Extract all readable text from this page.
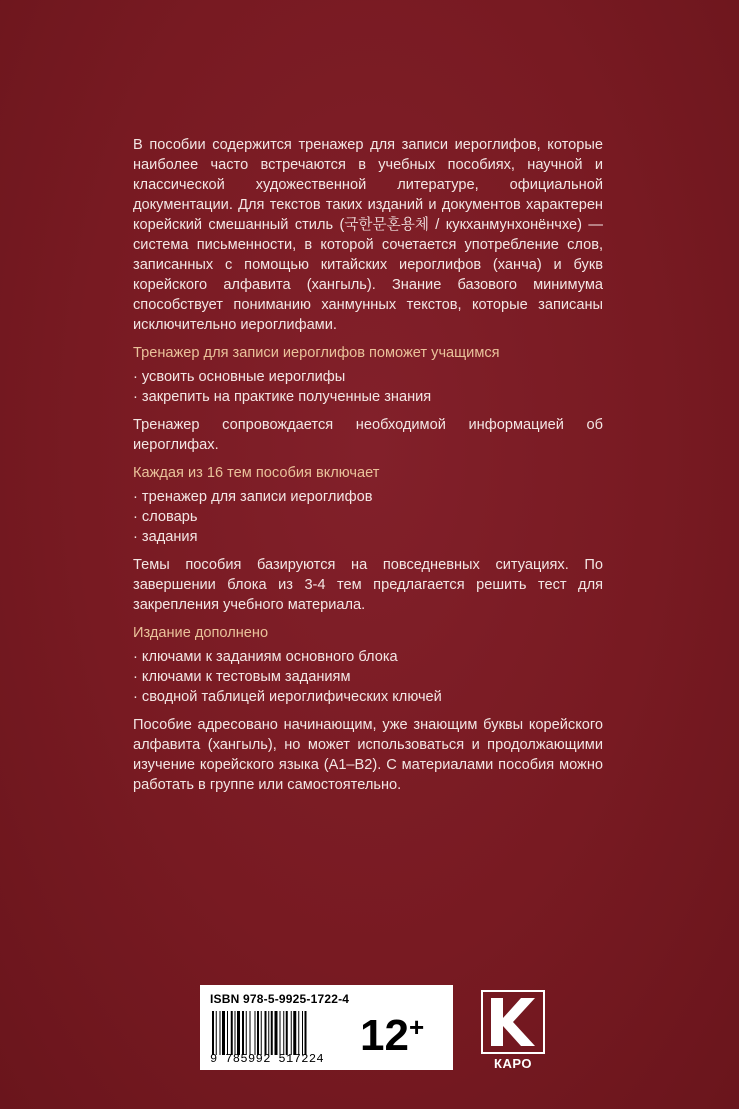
В пособии содержится тренажер для записи иероглифов, которые наиболее часто встречаются в учебных пособиях, научной и классической художественной литературе, официальной документации. Для текстов таких изданий и документов характерен корейский смешанный стиль (국한문혼용체 / кукханмунхонёнчхе) — система письменности, в которой сочетается употребление слов, записанных с помощью китайских иероглифов (ханча) и букв корейского алфавита (хангыль). Знание базового минимума способствует пониманию ханмунных текстов, которые записаны исключительно иероглифами.

Тренажер для записи иероглифов поможет учащимся

· усвоить основные иероглифы
· закрепить на практике полученные знания

Тренажер сопровождается необходимой информацией об иероглифах.

Каждая из 16 тем пособия включает

· тренажер для записи иероглифов
· словарь
· задания

Темы пособия базируются на повседневных ситуациях. По завершении блока из 3-4 тем предлагается решить тест для закрепления учебного материала.

Издание дополнено

· ключами к заданиям основного блока
· ключами к тестовым заданиям
· сводной таблицей иероглифических ключей

Пособие адресовано начинающим, уже знающим буквы корейского алфавита (хангыль), но может использоваться и продолжающими изучение корейского языка (A1–B2). С материалами пособия можно работать в группе или самостоятельно.

ISBN 978-5-9925-1722-4
9 785992 517224 12+
КАРО
